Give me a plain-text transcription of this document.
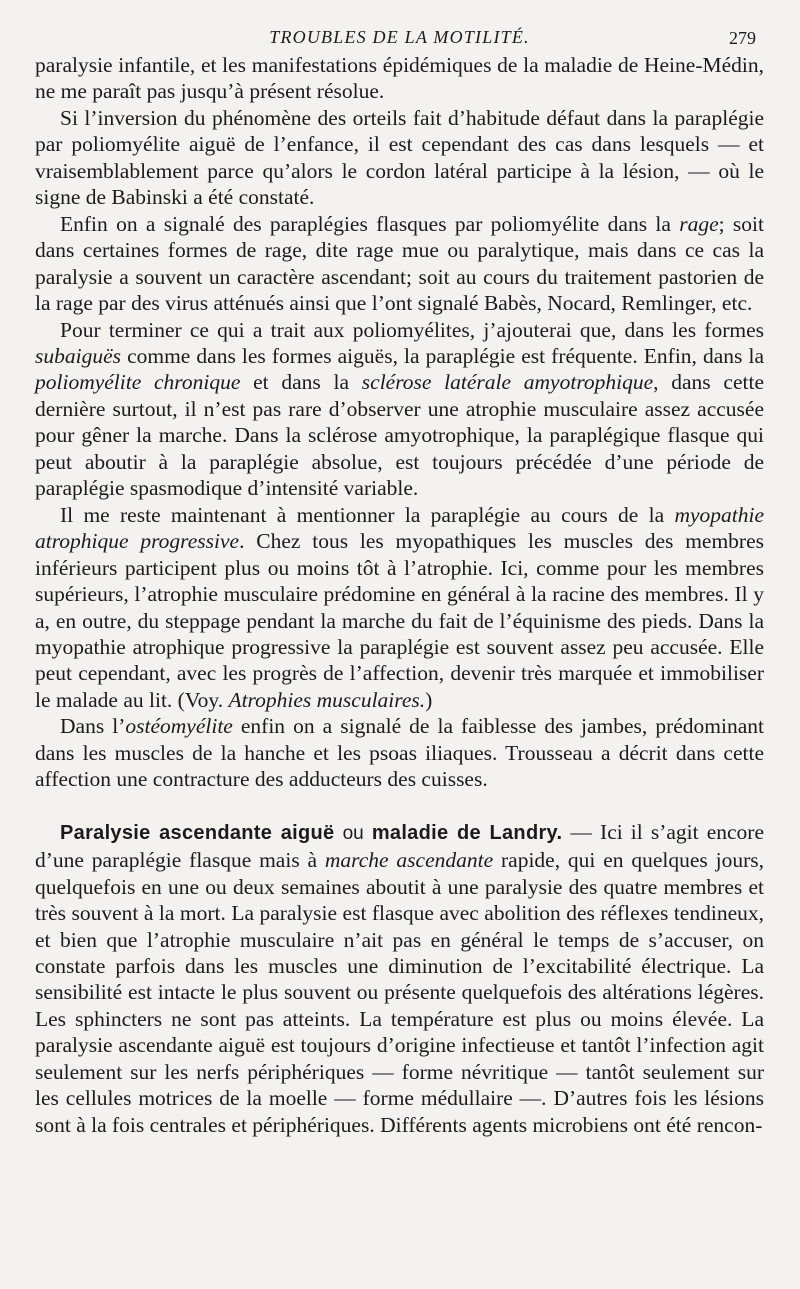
TROUBLES DE LA MOTILITÉ.	279

paralysie infantile, et les manifestations épidémiques de la maladie de Heine-Médin, ne me paraît pas jusqu’à présent résolue.

Si l’inversion du phénomène des orteils fait d’habitude défaut dans la paraplégie par poliomyélite aiguë de l’enfance, il est cependant des cas dans lesquels — et vraisemblablement parce qu’alors le cordon latéral participe à la lésion, — où le signe de Babinski a été constaté.

Enfin on a signalé des paraplégies flasques par poliomyélite dans la rage; soit dans certaines formes de rage, dite rage mue ou paralytique, mais dans ce cas la paralysie a souvent un caractère ascendant; soit au cours du traitement pastorien de la rage par des virus atténués ainsi que l’ont signalé Babès, Nocard, Remlinger, etc.

Pour terminer ce qui a trait aux poliomyélites, j’ajouterai que, dans les formes subaiguës comme dans les formes aiguës, la paraplégie est fréquente. Enfin, dans la poliomyélite chronique et dans la sclérose latérale amyotrophique, dans cette dernière surtout, il n’est pas rare d’observer une atrophie musculaire assez accusée pour gêner la marche. Dans la sclérose amyotrophique, la paraplégique flasque qui peut aboutir à la paraplégie absolue, est toujours précédée d’une période de paraplégie spasmodique d’intensité variable.

Il me reste maintenant à mentionner la paraplégie au cours de la myopathie atrophique progressive. Chez tous les myopathiques les muscles des membres inférieurs participent plus ou moins tôt à l’atrophie. Ici, comme pour les membres supérieurs, l’atrophie musculaire prédomine en général à la racine des membres. Il y a, en outre, du steppage pendant la marche du fait de l’équinisme des pieds. Dans la myopathie atrophique progressive la paraplégie est souvent assez peu accusée. Elle peut cependant, avec les progrès de l’affection, devenir très marquée et immobiliser le malade au lit. (Voy. Atrophies musculaires.)

Dans l’ostéomyélite enfin on a signalé de la faiblesse des jambes, prédominant dans les muscles de la hanche et les psoas iliaques. Trousseau a décrit dans cette affection une contracture des adducteurs des cuisses.

Paralysie ascendante aiguë ou maladie de Landry. — Ici il s’agit encore d’une paraplégie flasque mais à marche ascendante rapide, qui en quelques jours, quelquefois en une ou deux semaines aboutit à une paralysie des quatre membres et très souvent à la mort. La paralysie est flasque avec abolition des réflexes tendineux, et bien que l’atrophie musculaire n’ait pas en général le temps de s’accuser, on constate parfois dans les muscles une diminution de l’excitabilité électrique. La sensibilité est intacte le plus souvent ou présente quelquefois des altérations légères. Les sphincters ne sont pas atteints. La température est plus ou moins élevée. La paralysie ascendante aiguë est toujours d’origine infectieuse et tantôt l’infection agit seulement sur les nerfs périphériques — forme névritique — tantôt seulement sur les cellules motrices de la moelle — forme médullaire —. D’autres fois les lésions sont à la fois centrales et périphériques. Différents agents microbiens ont été rencon-
